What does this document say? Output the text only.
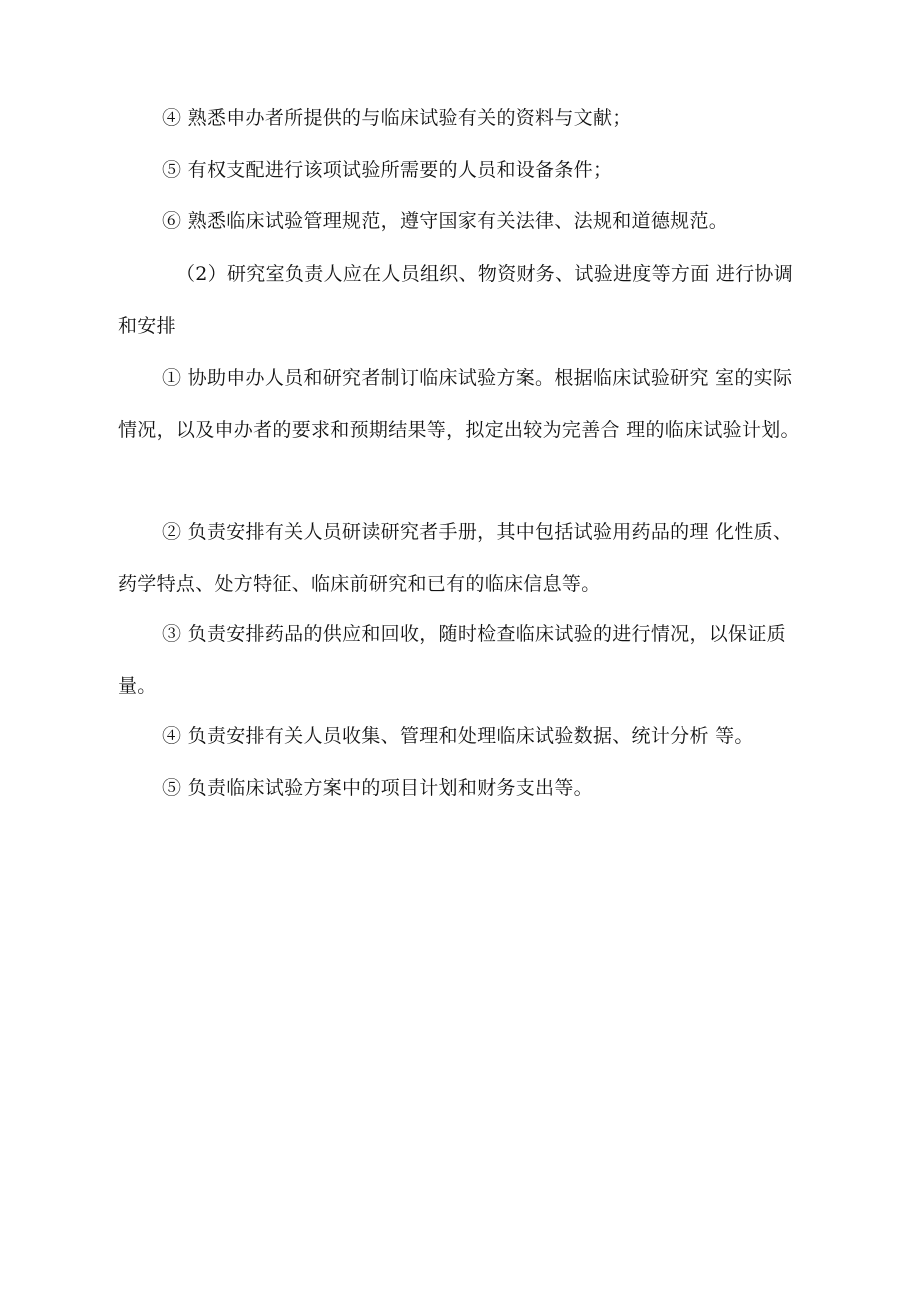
④ 熟悉申办者所提供的与临床试验有关的资料与文献；

⑤ 有权支配进行该项试验所需要的人员和设备条件；

⑥ 熟悉临床试验管理规范，遵守国家有关法律、法规和道德规范。

（2）研究室负责人应在人员组织、物资财务、试验进度等方面 进行协调和安排

① 协助申办人员和研究者制订临床试验方案。根据临床试验研究 室的实际情况，以及申办者的要求和预期结果等，拟定出较为完善合 理的临床试验计划。

② 负责安排有关人员研读研究者手册，其中包括试验用药品的理 化性质、药学特点、处方特征、临床前研究和已有的临床信息等。

③ 负责安排药品的供应和回收，随时检查临床试验的进行情况，以保证质量。

④ 负责安排有关人员收集、管理和处理临床试验数据、统计分析 等。

⑤ 负责临床试验方案中的项目计划和财务支出等。
